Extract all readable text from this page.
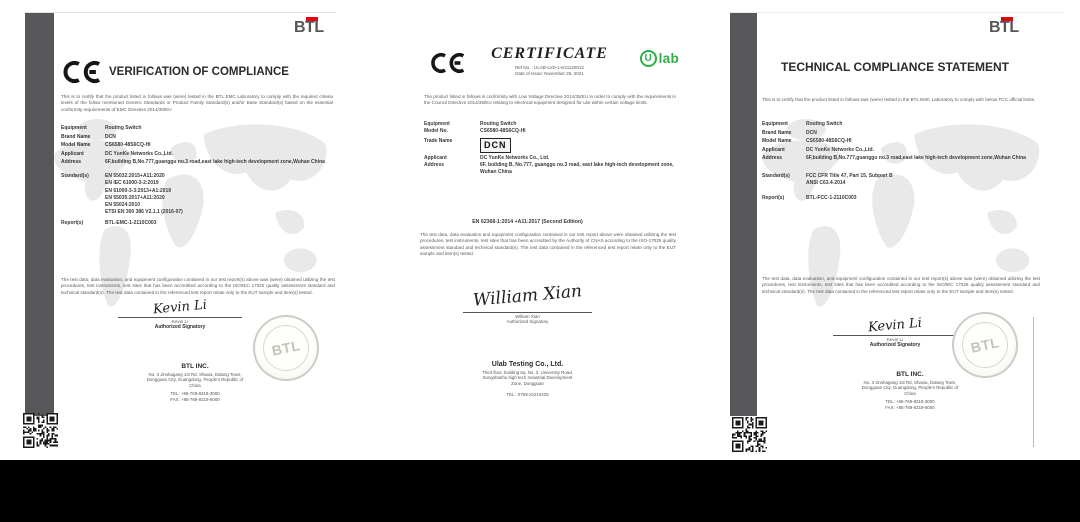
BTL
VERIFICATION OF COMPLIANCE

This is to certify that the product listed in follows was (were) tested in the BTL EMC Laboratory to comply with the required criteria levels of the follow mentioned Generic Standards or Product Family Standard(s) and/or Base Standard(s) based on the essential conformity requirements of EMC Directive 2014/30/EU

Equipment	Routing Switch
Brand Name	DCN
Model Name	CS6580-48S6CQ-HI
Applicant	DC YunKe Networks Co.,Ltd.
Address	6F,building B,No.777,guanggu no.3 road,east lake high-tech development zone,Wuhan China
Standard(s)	EN 55032:2015+A11:2020
EN IEC 61000-3-2:2019
EN 61000-3-3:2013+A1:2019
EN 55035:2017+A11:2020
EN 55024:2010
ETSI EN 300 386 V2.1.1 (2016-07)
Report(s)	BTL-EMC-1-2110C003

The test data, data evaluation, and equipment configuration contained in our test report(s) above was (were) obtained utilizing the test procedures, test instruments, test sites that has been accredited according to the ISO/IEC 17025 quality assessment standard and technical standard(s). The test data contained in the referenced test report relate only to the EUT sample and item(s) tested.

Kevin Li
Kevin Li
Authorized Signatory
BTL
BTL INC.
No. 3 Jinshagang 1st Rd, Shaxia, Dalang Town,
Dongguan City, Guangdong, People's Republic of
China
TEL: +86-769-8319-3000
FAX: +86-769-8319-6000
CERTIFICATE
Ref No. : ULAB-LVD-1-E21120012
Date of Issue: November 26, 2021
U lab

The product listed in follows is conformity with Low Voltage Directive 2014/35/EU in order to comply with the requirements in the Council Directive 2014/35/EU relating to electrical equipment designed for use within certain voltage limits.

Equipment	Routing Switch
Model No.	CS6580-48S6CQ-HI
Trade Name	DCN
Applicant	DC YunKe Networks Co., Ltd.
Address	6F, building B, No.777, guanggu no.3 road, east lake high-tech development zone, Wuhan China
EN 62368-1:2014 +A11:2017 (Second Edition)

The test data, data evaluation and equipment configuration contained in our test report above were obtained utilizing the test procedures, test instruments, test sites that has been accredited by the Authority of CNAS according to the ISO-17025 quality assessment standard and technical standard(s). The test data contained in the referenced test report relate only to the EUT sample and item(s) tested.

William Xian
William Xian
Authorized Signatory
Ulab Testing Co., Ltd.
Third floor, building 6a, No. 3, University Road,
Songshanhu high tech Industrial Development
Zone, Dongguan
TEL : 0769-22210225
BTL
TECHNICAL COMPLIANCE STATEMENT

This is to certify that the product listed in follows was (were) tested in the BTL EMC Laboratory to comply with below FCC official limits.

Equipment	Routing Switch
Brand Name	DCN
Model Name	CS6580-48S6CQ-HI
Applicant	DC YunKe Networks Co.,Ltd.
Address	6F,building B,No.777,guanggu no.3 road,east lake high-tech development zone,Wuhan China
Standard(s)	FCC CFR Title 47, Part 15, Subpart B
ANSI C63.4-2014
Report(s)	BTL-FCC-1-2110C003

The test data, data evaluation, and equipment configuration contained in our test report(s) above was (were) obtained utilizing the test procedures, test instruments, test sites that has been accredited according to the ISO/IEC 17025 quality assessment standard and technical standard(s). The test data contained in the referenced test report relate only to the EUT sample and item(s) tested.

Kevin Li
Kevin Li
Authorized Signatory	BTL
BTL INC.
No. 3 Jinshagang 1st Rd, Shaxia, Dalang Town,
Dongguan City, Guangdong, People's Republic of
China
TEL: +86-769-8319-3000
FAX: +86-769-8319-6000
